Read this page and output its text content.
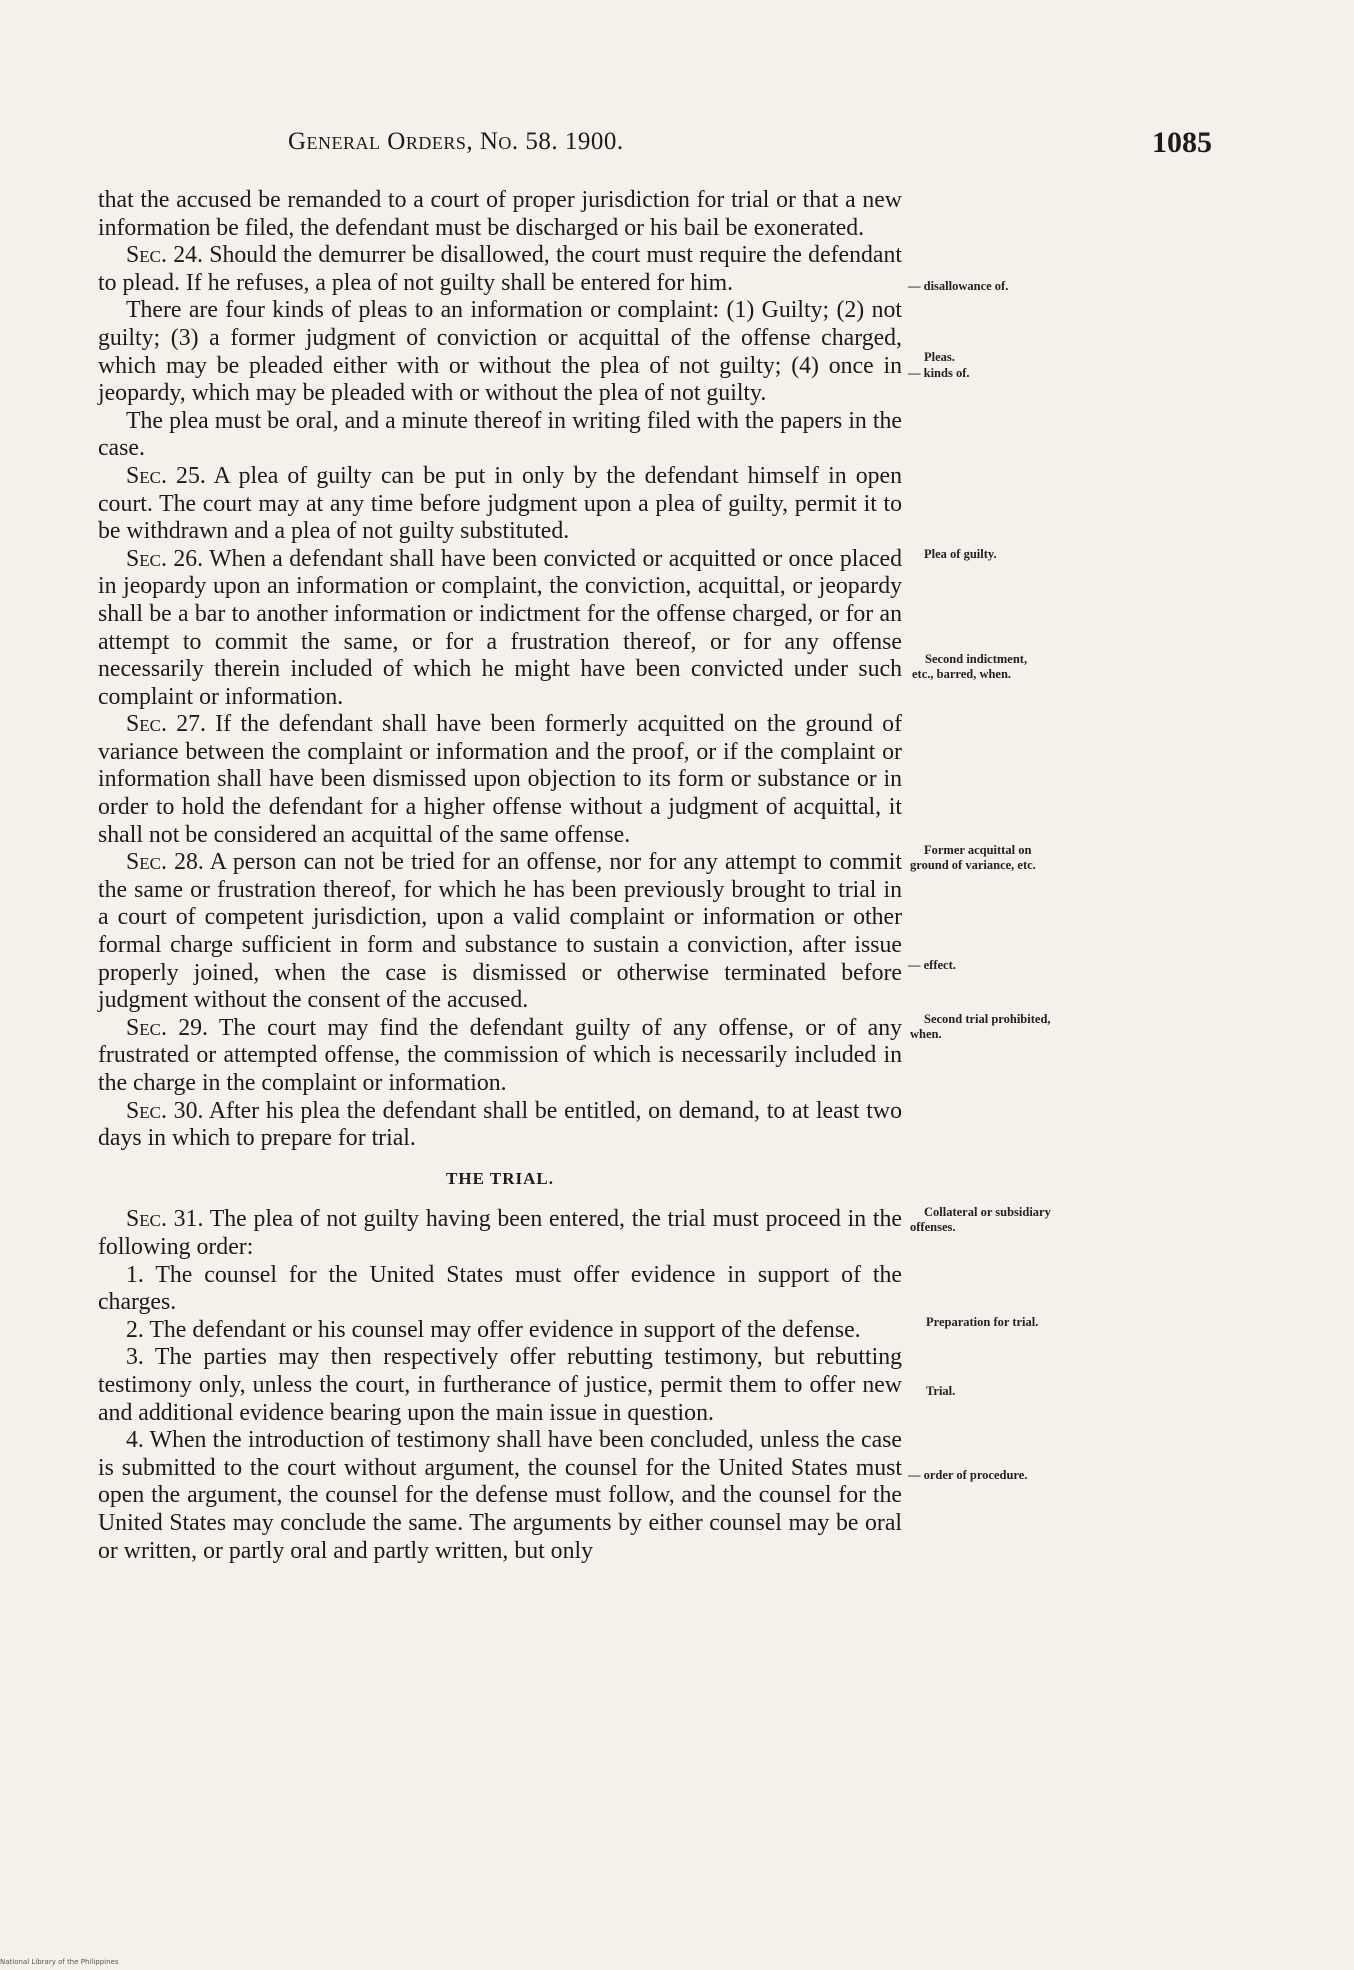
General Orders, No. 58. 1900.	1085

that the accused be remanded to a court of proper jurisdiction for trial or that a new information be filed, the defendant must be discharged or his bail be exonerated.

Sec. 24. Should the demurrer be disallowed, the court must require the defendant to plead. If he refuses, a plea of not guilty shall be entered for him.

There are four kinds of pleas to an information or complaint: (1) Guilty; (2) not guilty; (3) a former judgment of conviction or acquittal of the offense charged, which may be pleaded either with or without the plea of not guilty; (4) once in jeopardy, which may be pleaded with or without the plea of not guilty.

The plea must be oral, and a minute thereof in writing filed with the papers in the case.

Sec. 25. A plea of guilty can be put in only by the defendant himself in open court. The court may at any time before judgment upon a plea of guilty, permit it to be withdrawn and a plea of not guilty substituted.

Sec. 26. When a defendant shall have been convicted or acquitted or once placed in jeopardy upon an information or complaint, the conviction, acquittal, or jeopardy shall be a bar to another information or indictment for the offense charged, or for an attempt to commit the same, or for a frustration thereof, or for any offense necessarily therein included of which he might have been convicted under such complaint or information.

Sec. 27. If the defendant shall have been formerly acquitted on the ground of variance between the complaint or information and the proof, or if the complaint or information shall have been dismissed upon objection to its form or substance or in order to hold the defendant for a higher offense without a judgment of acquittal, it shall not be considered an acquittal of the same offense.

Sec. 28. A person can not be tried for an offense, nor for any attempt to commit the same or frustration thereof, for which he has been previously brought to trial in a court of competent jurisdiction, upon a valid complaint or information or other formal charge sufficient in form and substance to sustain a conviction, after issue properly joined, when the case is dismissed or otherwise terminated before judgment without the consent of the accused.

Sec. 29. The court may find the defendant guilty of any offense, or of any frustrated or attempted offense, the commission of which is necessarily included in the charge in the complaint or information.

Sec. 30. After his plea the defendant shall be entitled, on demand, to at least two days in which to prepare for trial.

THE TRIAL.

Sec. 31. The plea of not guilty having been entered, the trial must proceed in the following order:

1. The counsel for the United States must offer evidence in support of the charges.

2. The defendant or his counsel may offer evidence in support of the defense.

3. The parties may then respectively offer rebutting testimony, but rebutting testimony only, unless the court, in furtherance of justice, permit them to offer new and additional evidence bearing upon the main issue in question.

4. When the introduction of testimony shall have been concluded, unless the case is submitted to the court without argument, the counsel for the United States must open the argument, the counsel for the defense must follow, and the counsel for the United States may conclude the same. The arguments by either counsel may be oral or written, or partly oral and partly written, but only

— disallowance of.
Pleas.
— kinds of.
Plea of guilty.
Second indictment,
etc., barred, when.
Former acquittal on
ground of variance, etc.
— effect.
Second trial prohibited,
when.
Collateral or subsidiary
offenses.
Preparation for trial.
Trial.
— order of procedure.
National Library of the Philippines
